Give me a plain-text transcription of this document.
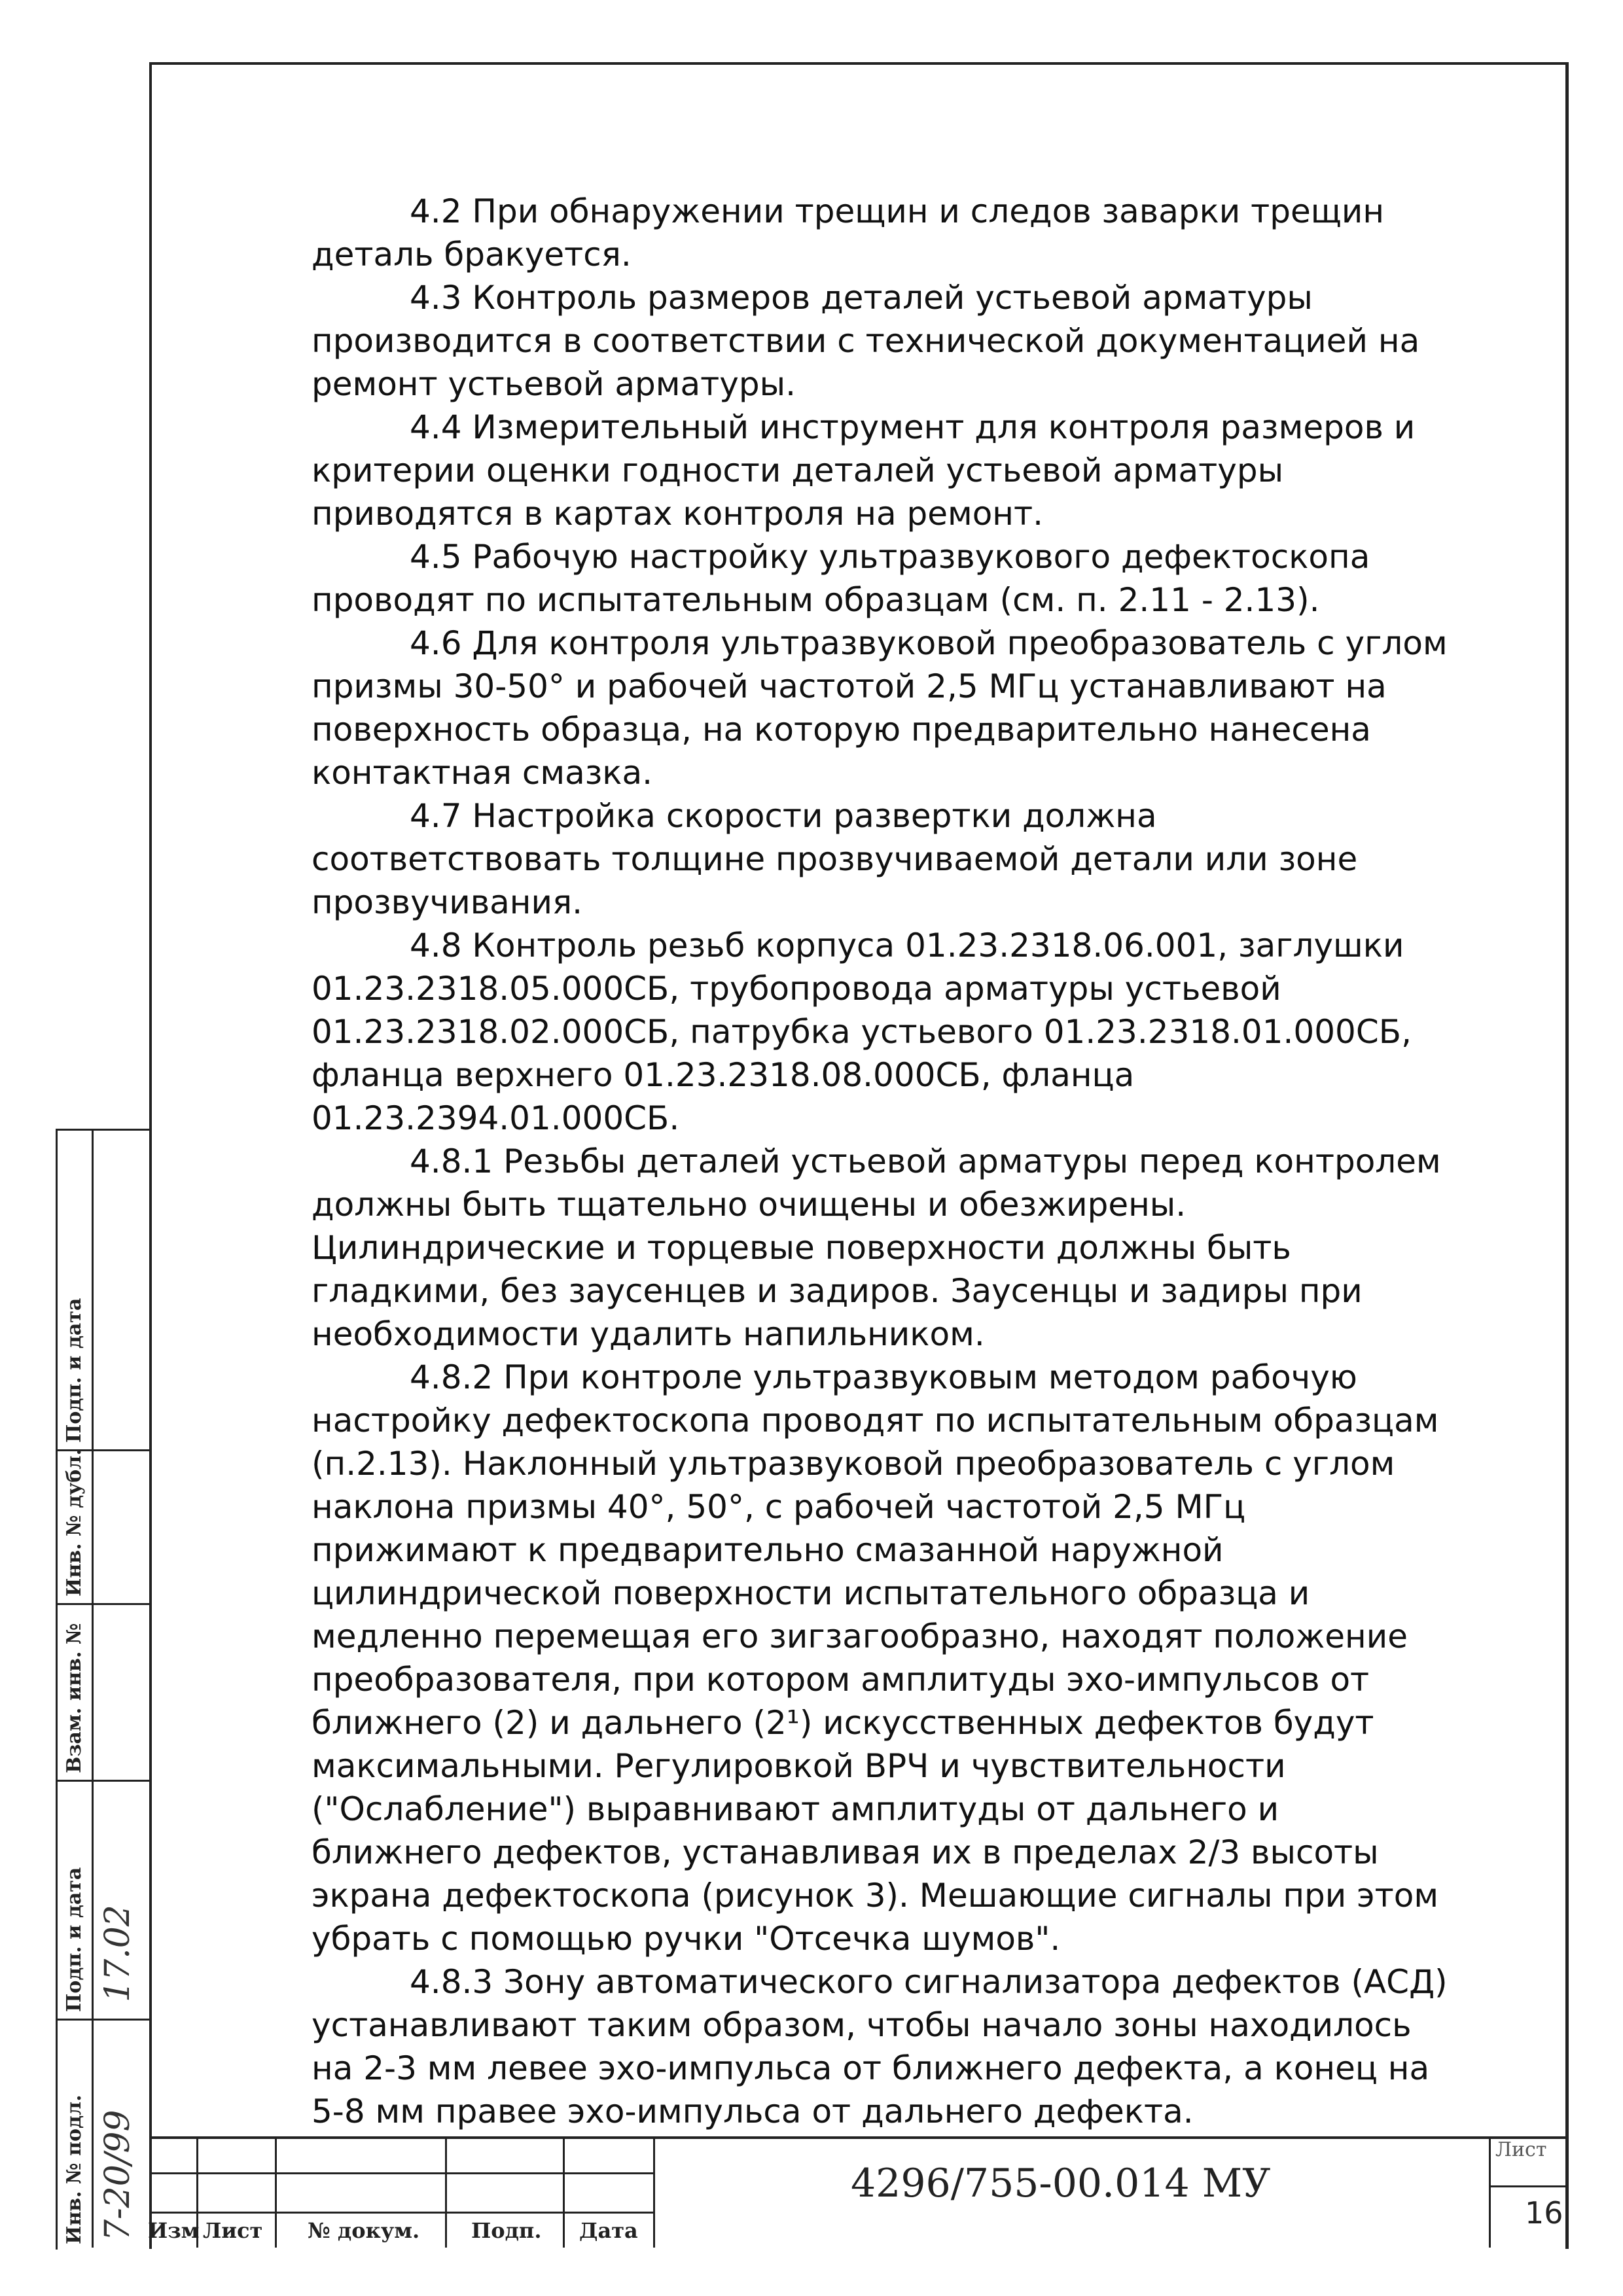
Инв. № подл.
Подп. и дата
Взам. инв. №
Инв. № дубл.
Подп. и дата
7-20/99
17.02

4.2 При обнаружении трещин и следов заварки трещин деталь бракуется.

4.3 Контроль размеров деталей устьевой арматуры производится в соответствии с технической документацией на ремонт устьевой арматуры.

4.4 Измерительный инструмент для контроля размеров и критерии оценки годности деталей устьевой арматуры приводятся в картах контроля на ремонт.

4.5 Рабочую настройку ультразвукового дефектоскопа проводят по испытательным образцам (см. п. 2.11 - 2.13).

4.6 Для контроля ультразвуковой преобразователь с углом призмы 30-50° и рабочей частотой 2,5 МГц устанавливают на поверхность образца, на которую предварительно нанесена контактная смазка.

4.7 Настройка скорости развертки должна соответствовать толщине прозвучиваемой детали или зоне прозвучивания.

4.8 Контроль резьб корпуса 01.23.2318.06.001, заглушки 01.23.2318.05.000СБ, трубопровода арматуры устьевой 01.23.2318.02.000СБ, патрубка устьевого 01.23.2318.01.000СБ, фланца верхнего 01.23.2318.08.000СБ, фланца 01.23.2394.01.000СБ.

4.8.1 Резьбы деталей устьевой арматуры перед контролем должны быть тщательно очищены и обезжирены. Цилиндрические и торцевые поверхности должны быть гладкими, без заусенцев и задиров. Заусенцы и задиры при необходимости удалить напильником.

4.8.2 При контроле ультразвуковым методом рабочую настройку дефектоскопа проводят по испытательным образцам (п.2.13). Наклонный ультразвуковой преобразователь с углом наклона призмы 40°, 50°, с рабочей частотой 2,5 МГц прижимают к предварительно смазанной наружной цилиндрической поверхности испытательного образца и медленно перемещая его зигзагообразно, находят положение преобразователя, при котором амплитуды эхо-импульсов от ближнего (2) и дальнего (2¹) искусственных дефектов будут максимальными. Регулировкой ВРЧ и чувствительности ("Ослабление") выравнивают амплитуды от дальнего и ближнего дефектов, устанавливая их в пределах 2/3 высоты экрана дефектоскопа (рисунок 3). Мешающие сигналы при этом убрать с помощью ручки "Отсечка шумов".

4.8.3 Зону автоматического сигнализатора дефектов (АСД) устанавливают таким образом, чтобы начало зоны находилось на 2-3 мм левее эхо-импульса от ближнего дефекта, а конец на 5-8 мм правее эхо-импульса от дальнего дефекта.

Изм Лист № докум. Подп. Дата
4296/755-00.014 МУ
Лист
16
